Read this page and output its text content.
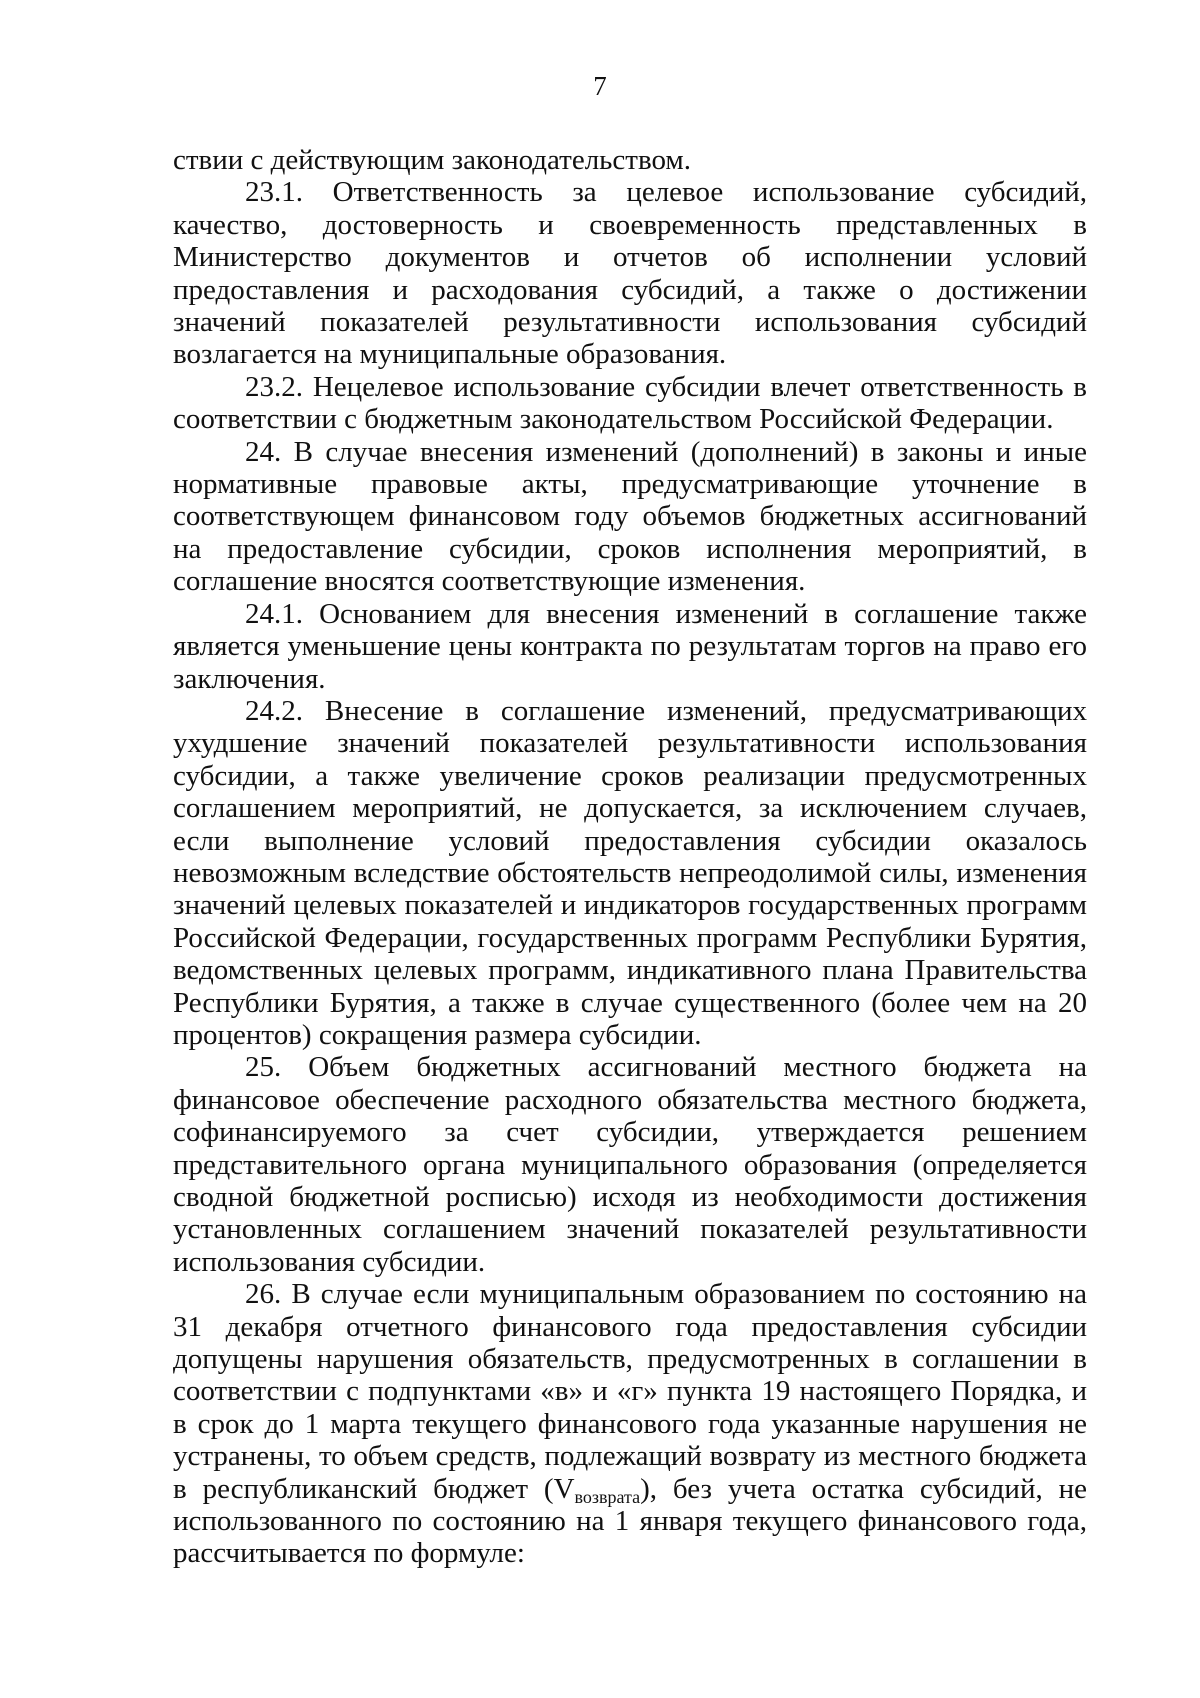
7

ствии с действующим законодательством.

23.1. Ответственность за целевое использование субсидий, качество, достоверность и своевременность представленных в Министерство документов и отчетов об исполнении условий предоставления и расходования субсидий, а также о достижении значений показателей результативности использования субсидий возлагается на муниципальные образования.

23.2. Нецелевое использование субсидии влечет ответственность в соответствии с бюджетным законодательством Российской Федерации.

24. В случае внесения изменений (дополнений) в законы и иные нормативные правовые акты, предусматривающие уточнение в соответствующем финансовом году объемов бюджетных ассигнований на предоставление субсидии, сроков исполнения мероприятий, в соглашение вносятся соответствующие изменения.

24.1. Основанием для внесения изменений в соглашение также является уменьшение цены контракта по результатам торгов на право его заключения.

24.2. Внесение в соглашение изменений, предусматривающих ухудшение значений показателей результативности использования субсидии, а также увеличение сроков реализации предусмотренных соглашением мероприятий, не допускается, за исключением случаев, если выполнение условий предоставления субсидии оказалось невозможным вследствие обстоятельств непреодолимой силы, изменения значений целевых показателей и индикаторов государственных программ Российской Федерации, государственных программ Республики Бурятия, ведомственных целевых программ, индикативного плана Правительства Республики Бурятия, а также в случае существенного (более чем на 20 процентов) сокращения размера субсидии.

25. Объем бюджетных ассигнований местного бюджета на финансовое обеспечение расходного обязательства местного бюджета, софинансируемого за счет субсидии, утверждается решением представительного органа муниципального образования (определяется сводной бюджетной росписью) исходя из необходимости достижения установленных соглашением значений показателей результативности использования субсидии.

26. В случае если муниципальным образованием по состоянию на 31 декабря отчетного финансового года предоставления субсидии допущены нарушения обязательств, предусмотренных в соглашении в соответствии с подпунктами «в» и «г» пункта 19 настоящего Порядка, и в срок до 1 марта текущего финансового года указанные нарушения не устранены, то объем средств, подлежащий возврату из местного бюджета в республиканский бюджет $(V_{возврата})$, без учета остатка субсидий, не использованного по состоянию на 1 января текущего финансового года, рассчитывается по формуле:
